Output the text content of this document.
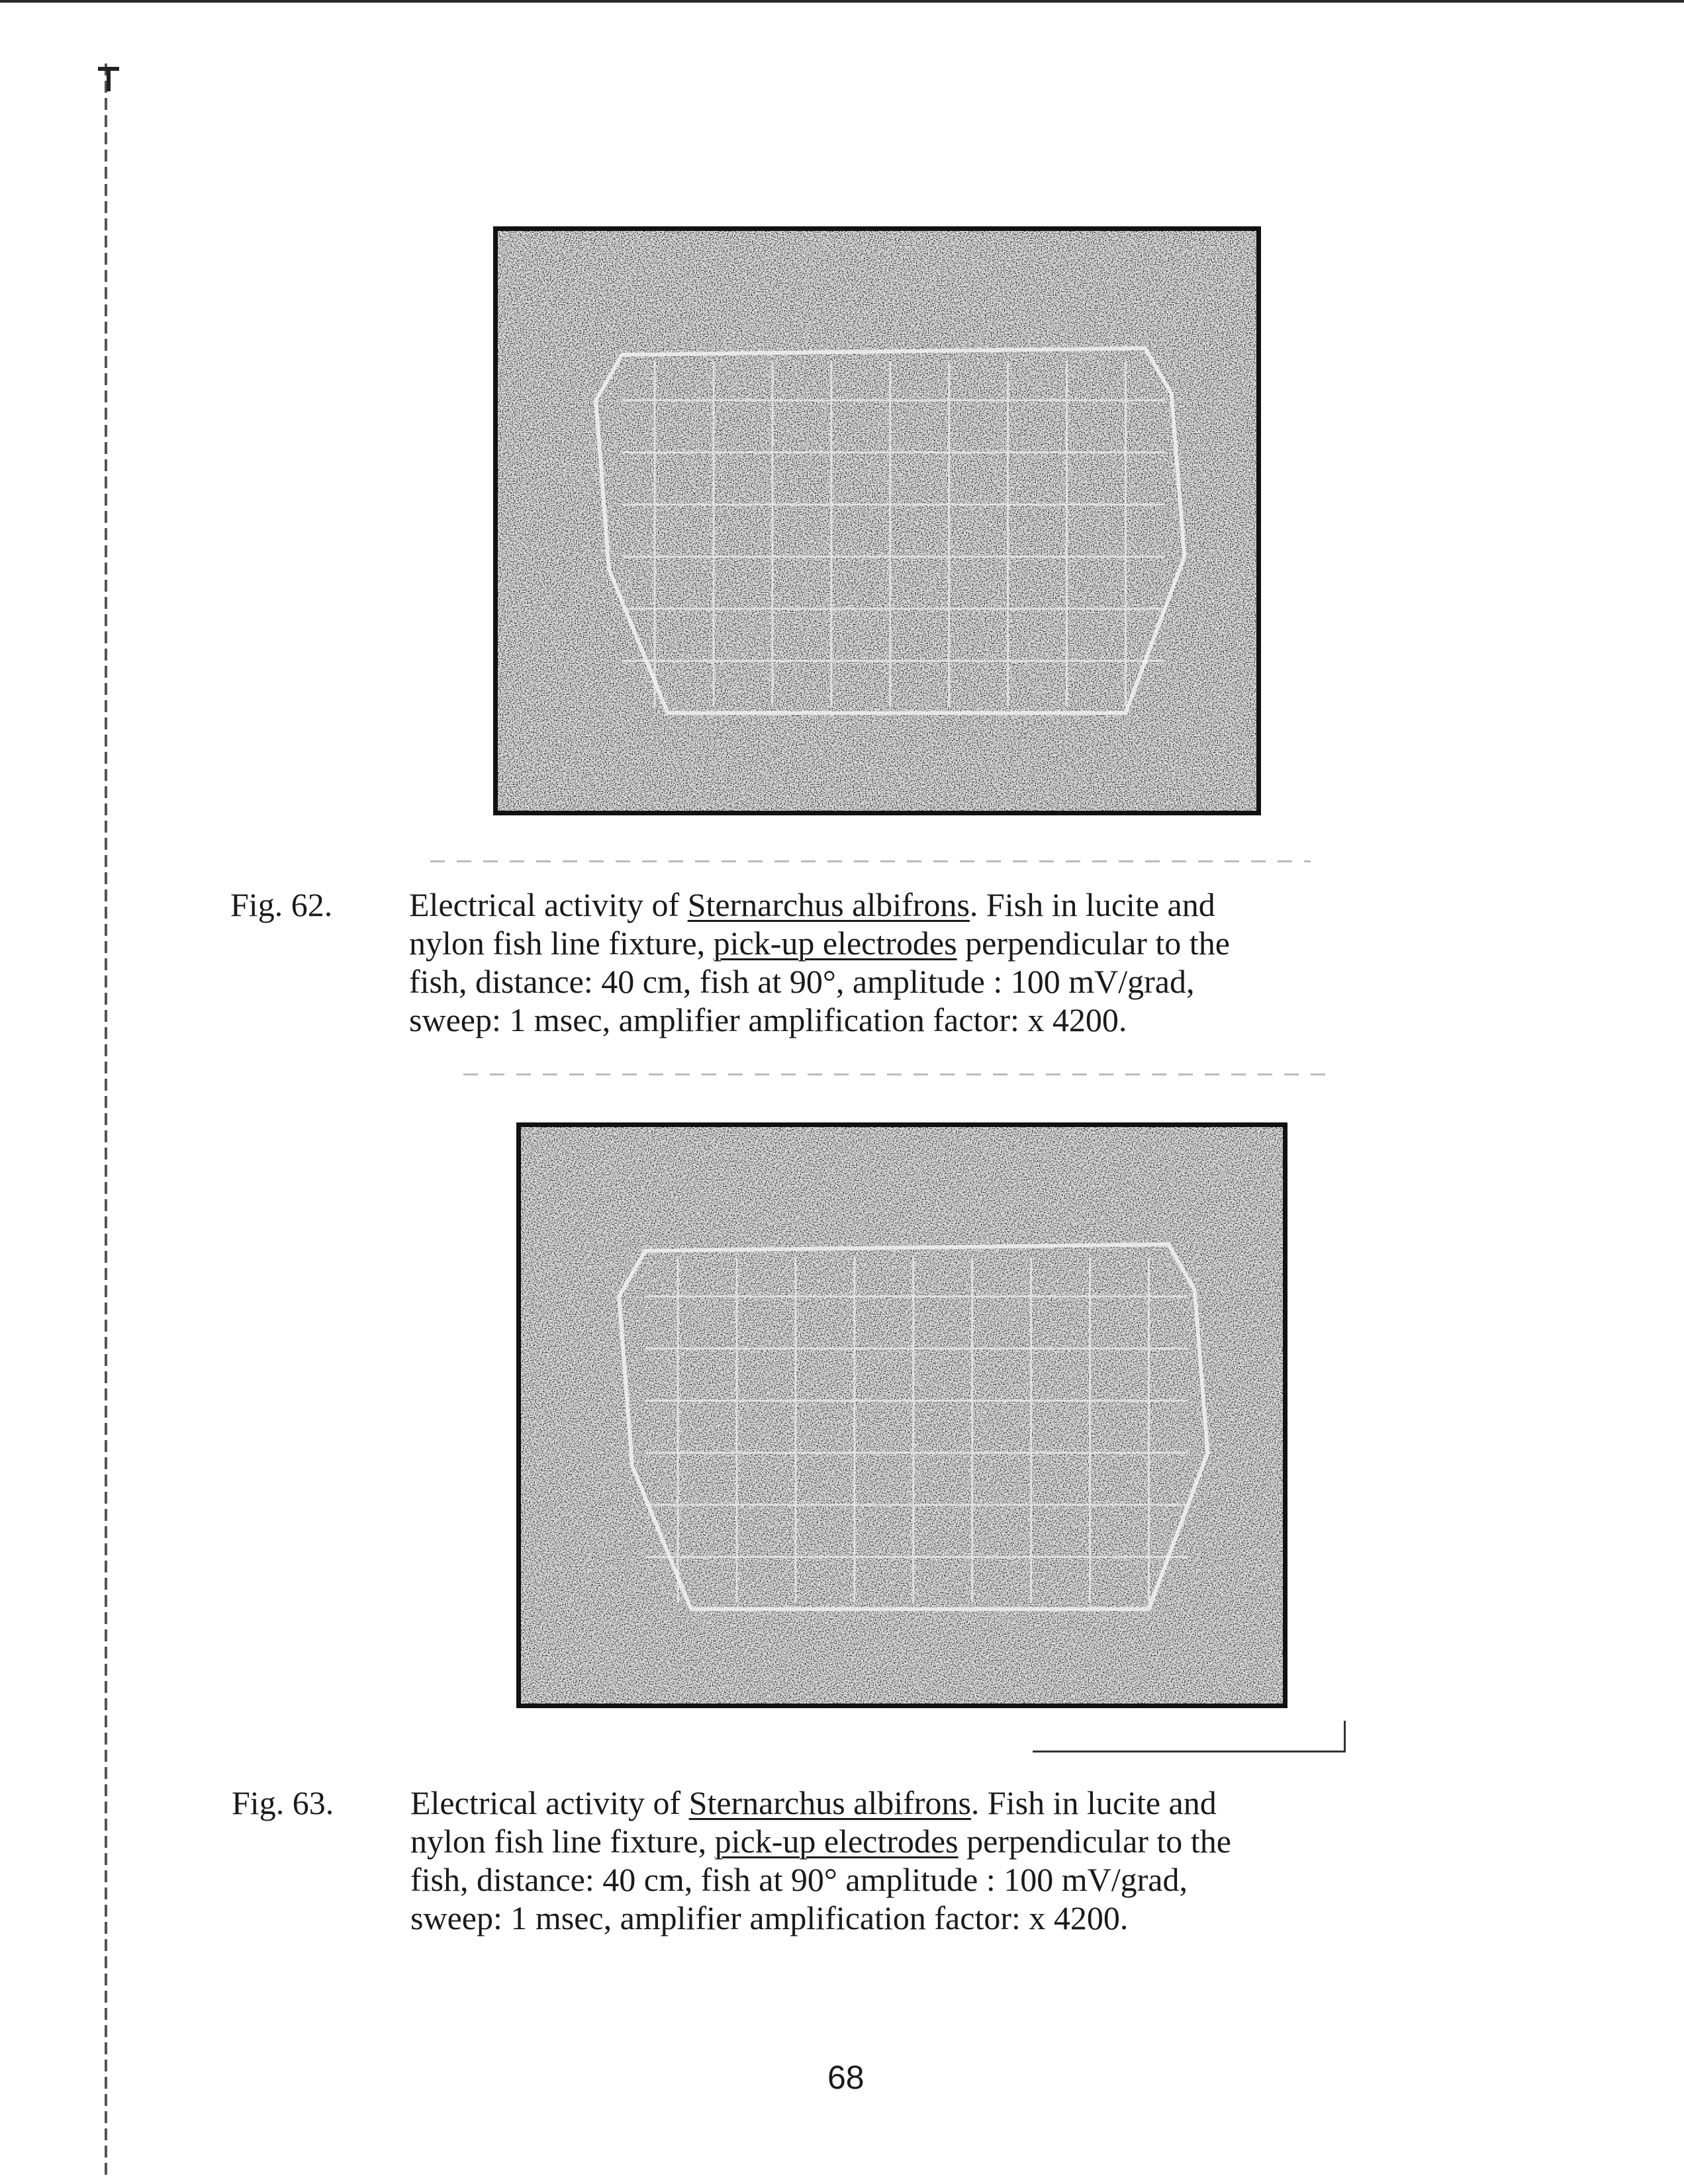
Fig. 62. Electrical activity of Sternarchus albifrons. Fish in lucite and
nylon fish line fixture, pick-up electrodes perpendicular to the
fish, distance: 40 cm, fish at 90°, amplitude : 100 mV/grad,
sweep: 1 msec, amplifier amplification factor: x 4200.
Fig. 63. Electrical activity of Sternarchus albifrons. Fish in lucite and
nylon fish line fixture, pick-up electrodes perpendicular to the
fish, distance: 40 cm, fish at 90° amplitude : 100 mV/grad,
sweep: 1 msec, amplifier amplification factor: x 4200.
68
